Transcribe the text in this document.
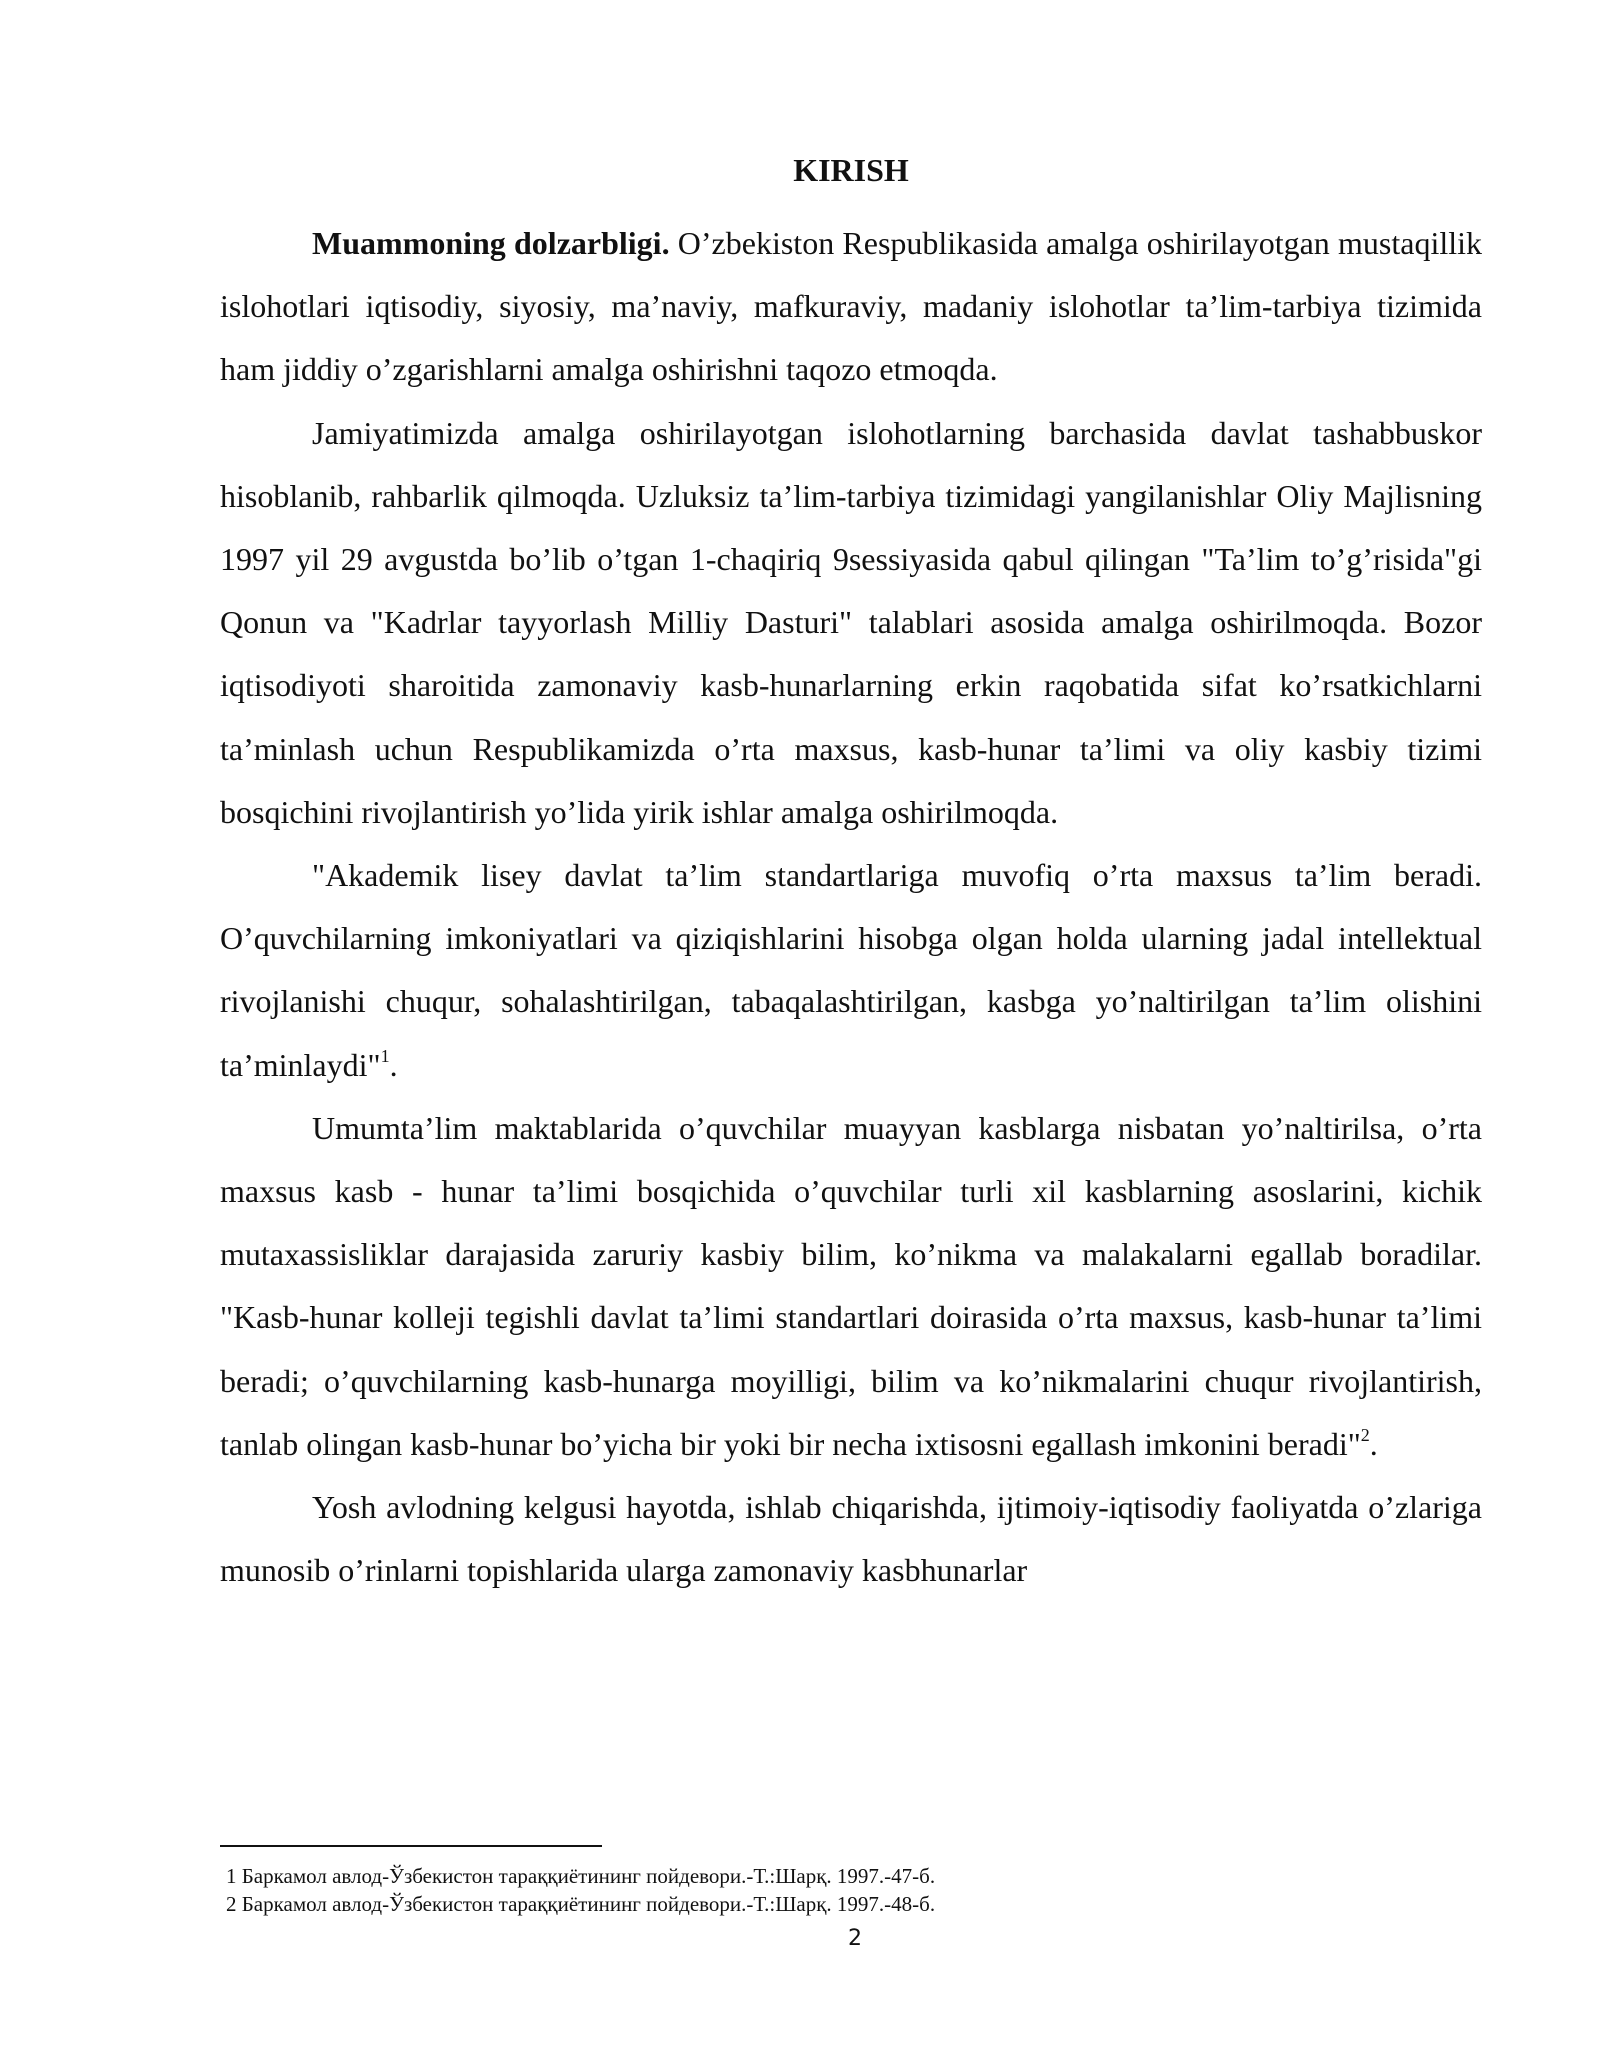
KIRISH

Muammoning dolzarbligi. O’zbekiston Respublikasida amalga oshirilayotgan mustaqillik islohotlari iqtisodiy, siyosiy, ma’naviy, mafkuraviy, madaniy islohotlar ta’lim-tarbiya tizimida ham jiddiy o’zgarishlarni amalga oshirishni taqozo etmoqda.

Jamiyatimizda amalga oshirilayotgan islohotlarning barchasida davlat tashabbuskor hisoblanib, rahbarlik qilmoqda. Uzluksiz ta’lim-tarbiya tizimidagi yangilanishlar Oliy Majlisning 1997 yil 29 avgustda bo’lib o’tgan 1-chaqiriq 9sessiyasida qabul qilingan "Ta’lim to’g’risida"gi Qonun va "Kadrlar tayyorlash Milliy Dasturi" talablari asosida amalga oshirilmoqda. Bozor iqtisodiyoti sharoitida zamonaviy kasb-hunarlarning erkin raqobatida sifat ko’rsatkichlarni ta’minlash uchun Respublikamizda o’rta maxsus, kasb-hunar ta’limi va oliy kasbiy tizimi bosqichini rivojlantirish yo’lida yirik ishlar amalga oshirilmoqda.

"Akademik lisey davlat ta’lim standartlariga muvofiq o’rta maxsus ta’lim beradi. O’quvchilarning imkoniyatlari va qiziqishlarini hisobga olgan holda ularning jadal intellektual rivojlanishi chuqur, sohalashtirilgan, tabaqalashtirilgan, kasbga yo’naltirilgan ta’lim olishini ta’minlaydi"$^1$.

Umumta’lim maktablarida o’quvchilar muayyan kasblarga nisbatan yo’naltirilsa, o’rta maxsus kasb - hunar ta’limi bosqichida o’quvchilar turli xil kasblarning asoslarini, kichik mutaxassisliklar darajasida zaruriy kasbiy bilim, ko’nikma va malakalarni egallab boradilar. "Kasb-hunar kolleji tegishli davlat ta’limi standartlari doirasida o’rta maxsus, kasb-hunar ta’limi beradi; o’quvchilarning kasb-hunarga moyilligi, bilim va ko’nikmalarini chuqur rivojlantirish, tanlab olingan kasb-hunar bo’yicha bir yoki bir necha ixtisosni egallash imkonini beradi"$^2$.

Yosh avlodning kelgusi hayotda, ishlab chiqarishda, ijtimoiy-iqtisodiy faoliyatda o’zlariga munosib o’rinlarni topishlarida ularga zamonaviy kasbhunarlar

1 Баркамол авлод-Ўзбекистон тараққиётининг пойдевори.-Т.:Шарқ. 1997.-47-б.

2 Баркамол авлод-Ўзбекистон тараққиётининг пойдевори.-Т.:Шарқ. 1997.-48-б.

2
